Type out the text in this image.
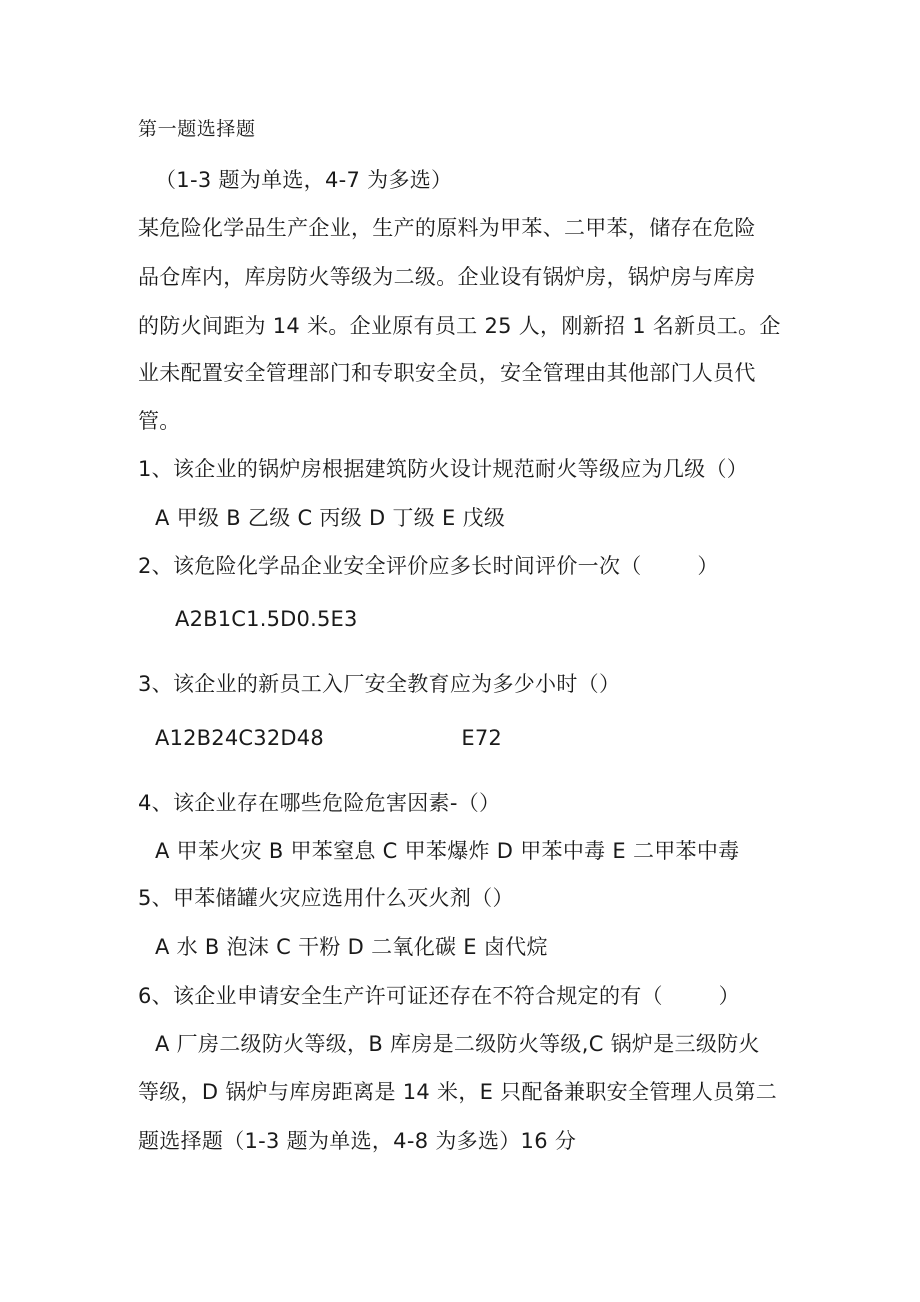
第一题选择题
（1-3 题为单选，4-7 为多选）
某危险化学品生产企业，生产的原料为甲苯、二甲苯，储存在危险
品仓库内，库房防火等级为二级。企业设有锅炉房，锅炉房与库房
的防火间距为 14 米。企业原有员工 25 人，刚新招 1 名新员工。企
业未配置安全管理部门和专职安全员，安全管理由其他部门人员代
管。
1、该企业的锅炉房根据建筑防火设计规范耐火等级应为几级（）
A 甲级 B 乙级 C 丙级 D 丁级 E 戊级
2、该危险化学品企业安全评价应多长时间评价一次（        ）
A2B1C1.5D0.5E3
3、该企业的新员工入厂安全教育应为多少小时（）
A12B24C32D48                    E72
4、该企业存在哪些危险危害因素-（）
A 甲苯火灾 B 甲苯窒息 C 甲苯爆炸 D 甲苯中毒 E 二甲苯中毒
5、甲苯储罐火灾应选用什么灭火剂（）
A 水 B 泡沫 C 干粉 D 二氧化碳 E 卤代烷
6、该企业申请安全生产许可证还存在不符合规定的有（        ）
A 厂房二级防火等级，B 库房是二级防火等级,C 锅炉是三级防火
等级，D 锅炉与库房距离是 14 米，E 只配备兼职安全管理人员第二
题选择题（1-3 题为单选，4-8 为多选）16 分
